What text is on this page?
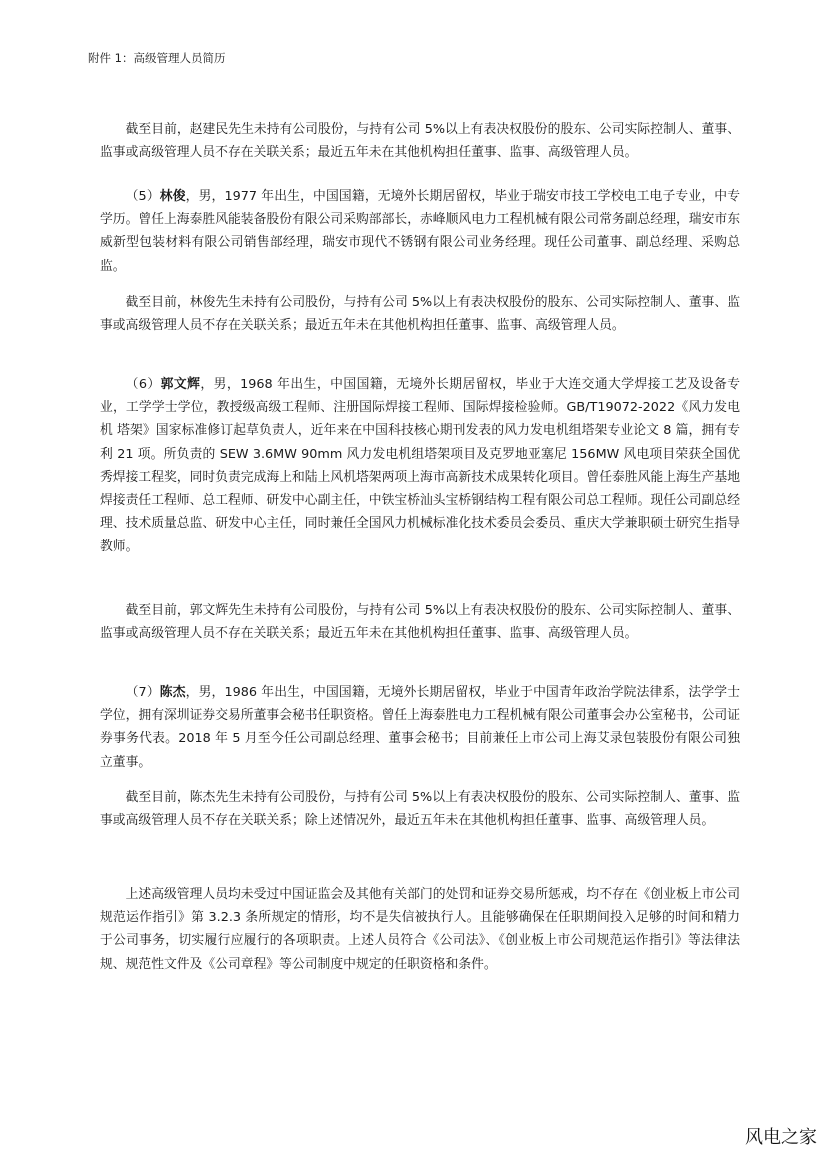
附件 1：高级管理人员简历

截至目前，赵建民先生未持有公司股份，与持有公司 5%以上有表决权股份的股东、公司实际控制人、董事、监事或高级管理人员不存在关联关系；最近五年未在其他机构担任董事、监事、高级管理人员。

（5）林俊，男，1977 年出生，中国国籍，无境外长期居留权，毕业于瑞安市技工学校电工电子专业，中专学历。曾任上海泰胜风能装备股份有限公司采购部部长，赤峰顺风电力工程机械有限公司常务副总经理，瑞安市东威新型包装材料有限公司销售部经理，瑞安市现代不锈钢有限公司业务经理。现任公司董事、副总经理、采购总监。

截至目前，林俊先生未持有公司股份，与持有公司 5%以上有表决权股份的股东、公司实际控制人、董事、监事或高级管理人员不存在关联关系；最近五年未在其他机构担任董事、监事、高级管理人员。

（6）郭文辉，男，1968 年出生，中国国籍，无境外长期居留权，毕业于大连交通大学焊接工艺及设备专业，工学学士学位，教授级高级工程师、注册国际焊接工程师、国际焊接检验师。GB/T19072-2022《风力发电机 塔架》国家标准修订起草负责人，近年来在中国科技核心期刊发表的风力发电机组塔架专业论文 8 篇，拥有专利 21 项。所负责的 SEW 3.6MW 90mm 风力发电机组塔架项目及克罗地亚塞尼 156MW 风电项目荣获全国优秀焊接工程奖，同时负责完成海上和陆上风机塔架两项上海市高新技术成果转化项目。曾任泰胜风能上海生产基地焊接责任工程师、总工程师、研发中心副主任，中铁宝桥汕头宝桥钢结构工程有限公司总工程师。现任公司副总经理、技术质量总监、研发中心主任，同时兼任全国风力机械标准化技术委员会委员、重庆大学兼职硕士研究生指导教师。

截至目前，郭文辉先生未持有公司股份，与持有公司 5%以上有表决权股份的股东、公司实际控制人、董事、监事或高级管理人员不存在关联关系；最近五年未在其他机构担任董事、监事、高级管理人员。

（7）陈杰，男，1986 年出生，中国国籍，无境外长期居留权，毕业于中国青年政治学院法律系，法学学士学位，拥有深圳证券交易所董事会秘书任职资格。曾任上海泰胜电力工程机械有限公司董事会办公室秘书，公司证券事务代表。2018 年 5 月至今任公司副总经理、董事会秘书；目前兼任上市公司上海艾录包装股份有限公司独立董事。

截至目前，陈杰先生未持有公司股份，与持有公司 5%以上有表决权股份的股东、公司实际控制人、董事、监事或高级管理人员不存在关联关系；除上述情况外，最近五年未在其他机构担任董事、监事、高级管理人员。

上述高级管理人员均未受过中国证监会及其他有关部门的处罚和证券交易所惩戒，均不存在《创业板上市公司规范运作指引》第 3.2.3 条所规定的情形，均不是失信被执行人。且能够确保在任职期间投入足够的时间和精力于公司事务，切实履行应履行的各项职责。上述人员符合《公司法》、《创业板上市公司规范运作指引》等法律法规、规范性文件及《公司章程》等公司制度中规定的任职资格和条件。

风电之家
